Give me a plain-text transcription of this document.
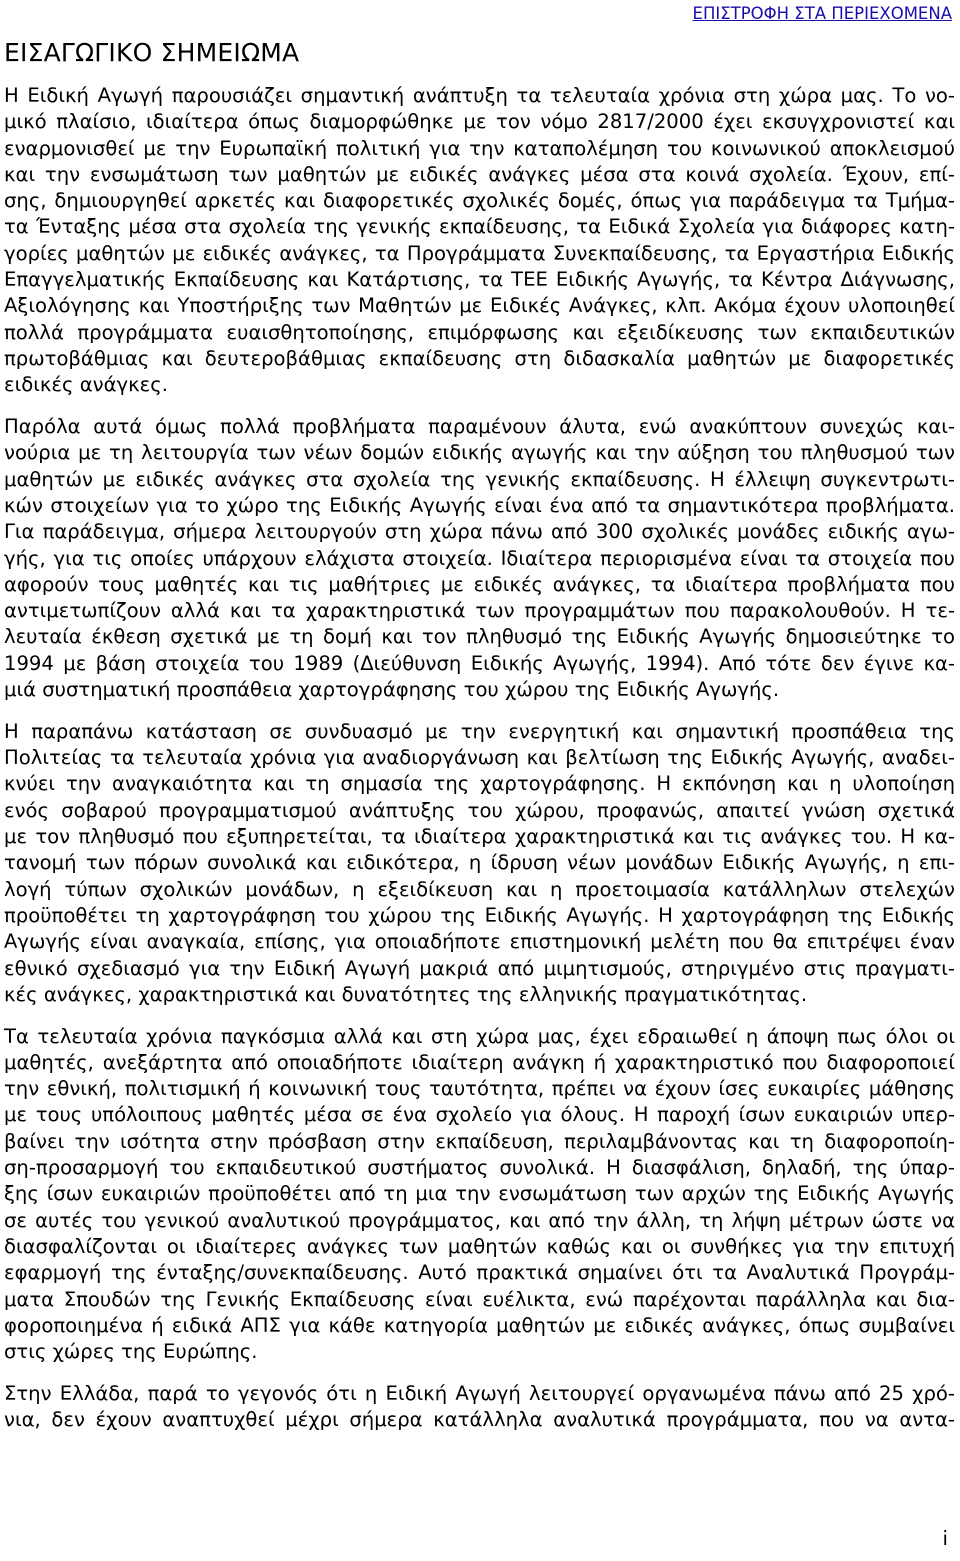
ΕΠΙΣΤΡΟΦΗ ΣΤΑ ΠΕΡΙΕΧΟΜΕΝΑ
ΕΙΣΑΓΩΓΙΚΟ ΣΗΜΕΙΩΜΑ

Η Ειδική Αγωγή παρουσιάζει σημαντική ανάπτυξη τα τελευταία χρόνια στη χώρα μας. Το νο-
μικό πλαίσιο, ιδιαίτερα όπως διαμορφώθηκε με τον νόμο 2817/2000 έχει εκσυγχρονιστεί και
εναρμονισθεί με την Ευρωπαϊκή πολιτική για την καταπολέμηση του κοινωνικού αποκλεισμού
και την ενσωμάτωση των μαθητών με ειδικές ανάγκες μέσα στα κοινά σχολεία. Έχουν, επί-
σης, δημιουργηθεί αρκετές και διαφορετικές σχολικές δομές, όπως για παράδειγμα τα Τμήμα-
τα Ένταξης μέσα στα σχολεία της γενικής εκπαίδευσης, τα Ειδικά Σχολεία για διάφορες κατη-
γορίες μαθητών με ειδικές ανάγκες, τα Προγράμματα Συνεκπαίδευσης, τα Εργαστήρια Ειδικής
Επαγγελματικής Εκπαίδευσης και Κατάρτισης, τα ΤΕΕ Ειδικής Αγωγής, τα Κέντρα Διάγνωσης,
Αξιολόγησης και Υποστήριξης των Μαθητών με Ειδικές Ανάγκες, κλπ. Ακόμα έχουν υλοποιηθεί
πολλά προγράμματα ευαισθητοποίησης, επιμόρφωσης και εξειδίκευσης των εκπαιδευτικών
πρωτοβάθμιας και δευτεροβάθμιας εκπαίδευσης στη διδασκαλία μαθητών με διαφορετικές
ειδικές ανάγκες.

Παρόλα αυτά όμως πολλά προβλήματα παραμένουν άλυτα, ενώ ανακύπτουν συνεχώς και-
νούρια με τη λειτουργία των νέων δομών ειδικής αγωγής και την αύξηση του πληθυσμού των
μαθητών με ειδικές ανάγκες στα σχολεία της γενικής εκπαίδευσης. Η έλλειψη συγκεντρωτι-
κών στοιχείων για το χώρο της Ειδικής Αγωγής είναι ένα από τα σημαντικότερα προβλήματα.
Για παράδειγμα, σήμερα λειτουργούν στη χώρα πάνω από 300 σχολικές μονάδες ειδικής αγω-
γής, για τις οποίες υπάρχουν ελάχιστα στοιχεία. Ιδιαίτερα περιορισμένα είναι τα στοιχεία που
αφορούν τους μαθητές και τις μαθήτριες με ειδικές ανάγκες, τα ιδιαίτερα προβλήματα που
αντιμετωπίζουν αλλά και τα χαρακτηριστικά των προγραμμάτων που παρακολουθούν. Η τε-
λευταία έκθεση σχετικά με τη δομή και τον πληθυσμό της Ειδικής Αγωγής δημοσιεύτηκε το
1994 με βάση στοιχεία του 1989 (Διεύθυνση Ειδικής Αγωγής, 1994). Από τότε δεν έγινε κα-
μιά συστηματική προσπάθεια χαρτογράφησης του χώρου της Ειδικής Αγωγής.

Η παραπάνω κατάσταση σε συνδυασμό με την ενεργητική και σημαντική προσπάθεια της
Πολιτείας τα τελευταία χρόνια για αναδιοργάνωση και βελτίωση της Ειδικής Αγωγής, αναδει-
κνύει την αναγκαιότητα και τη σημασία της χαρτογράφησης. Η εκπόνηση και η υλοποίηση
ενός σοβαρού προγραμματισμού ανάπτυξης του χώρου, προφανώς, απαιτεί γνώση σχετικά
με τον πληθυσμό που εξυπηρετείται, τα ιδιαίτερα χαρακτηριστικά και τις ανάγκες του. Η κα-
τανομή των πόρων συνολικά και ειδικότερα, η ίδρυση νέων μονάδων Ειδικής Αγωγής, η επι-
λογή τύπων σχολικών μονάδων, η εξειδίκευση και η προετοιμασία κατάλληλων στελεχών
προϋποθέτει τη χαρτογράφηση του χώρου της Ειδικής Αγωγής. Η χαρτογράφηση της Ειδικής
Αγωγής είναι αναγκαία, επίσης, για οποιαδήποτε επιστημονική μελέτη που θα επιτρέψει έναν
εθνικό σχεδιασμό για την Ειδική Αγωγή μακριά από μιμητισμούς, στηριγμένο στις πραγματι-
κές ανάγκες, χαρακτηριστικά και δυνατότητες της ελληνικής πραγματικότητας.

Τα τελευταία χρόνια παγκόσμια αλλά και στη χώρα μας, έχει εδραιωθεί η άποψη πως όλοι οι
μαθητές, ανεξάρτητα από οποιαδήποτε ιδιαίτερη ανάγκη ή χαρακτηριστικό που διαφοροποιεί
την εθνική, πολιτισμική ή κοινωνική τους ταυτότητα, πρέπει να έχουν ίσες ευκαιρίες μάθησης
με τους υπόλοιπους μαθητές μέσα σε ένα σχολείο για όλους. Η παροχή ίσων ευκαιριών υπερ-
βαίνει την ισότητα στην πρόσβαση στην εκπαίδευση, περιλαμβάνοντας και τη διαφοροποίη-
ση-προσαρμογή του εκπαιδευτικού συστήματος συνολικά. Η διασφάλιση, δηλαδή, της ύπαρ-
ξης ίσων ευκαιριών προϋποθέτει από τη μια την ενσωμάτωση των αρχών της Ειδικής Αγωγής
σε αυτές του γενικού αναλυτικού προγράμματος, και από την άλλη, τη λήψη μέτρων ώστε να
διασφαλίζονται οι ιδιαίτερες ανάγκες των μαθητών καθώς και οι συνθήκες για την επιτυχή
εφαρμογή της ένταξης/συνεκπαίδευσης. Αυτό πρακτικά σημαίνει ότι τα Αναλυτικά Προγράμ-
ματα Σπουδών της Γενικής Εκπαίδευσης είναι ευέλικτα, ενώ παρέχονται παράλληλα και δια-
φοροποιημένα ή ειδικά ΑΠΣ για κάθε κατηγορία μαθητών με ειδικές ανάγκες, όπως συμβαίνει
στις χώρες της Ευρώπης.

Στην Ελλάδα, παρά το γεγονός ότι η Ειδική Αγωγή λειτουργεί οργανωμένα πάνω από 25 χρό-
νια, δεν έχουν αναπτυχθεί μέχρι σήμερα κατάλληλα αναλυτικά προγράμματα, που να αντα-

i
